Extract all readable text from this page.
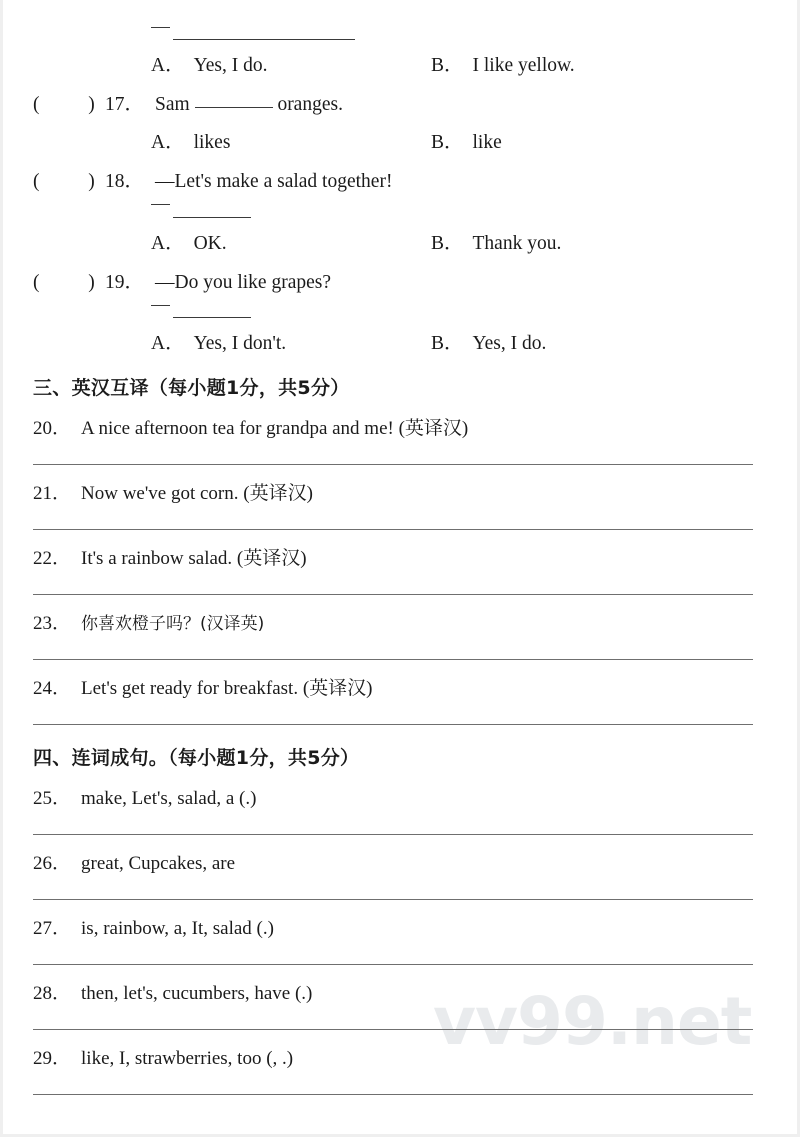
vv99.net
A． Yes, I do.	B． I like yellow.
(          ) 17． Sam	oranges.
A． likes	B． like
(          ) 18． —Let's make a salad together!
A． OK.	B． Thank you.
(          ) 19． —Do you like grapes?
A． Yes, I don't.	B． Yes, I do.
三、英汉互译（每小题1分，共5分）
20． A nice afternoon tea for grandpa and me! (英译汉)
21． Now we've got corn. (英译汉)
22． It's a rainbow salad. (英译汉)
23． 你喜欢橙子吗？(汉译英)
24． Let's get ready for breakfast. (英译汉)
四、连词成句。（每小题1分，共5分）
25． make, Let's, salad, a (.)
26． great, Cupcakes, are
27． is, rainbow, a, It, salad (.)
28． then, let's, cucumbers, have (.)
29． like, I, strawberries, too (, .)
